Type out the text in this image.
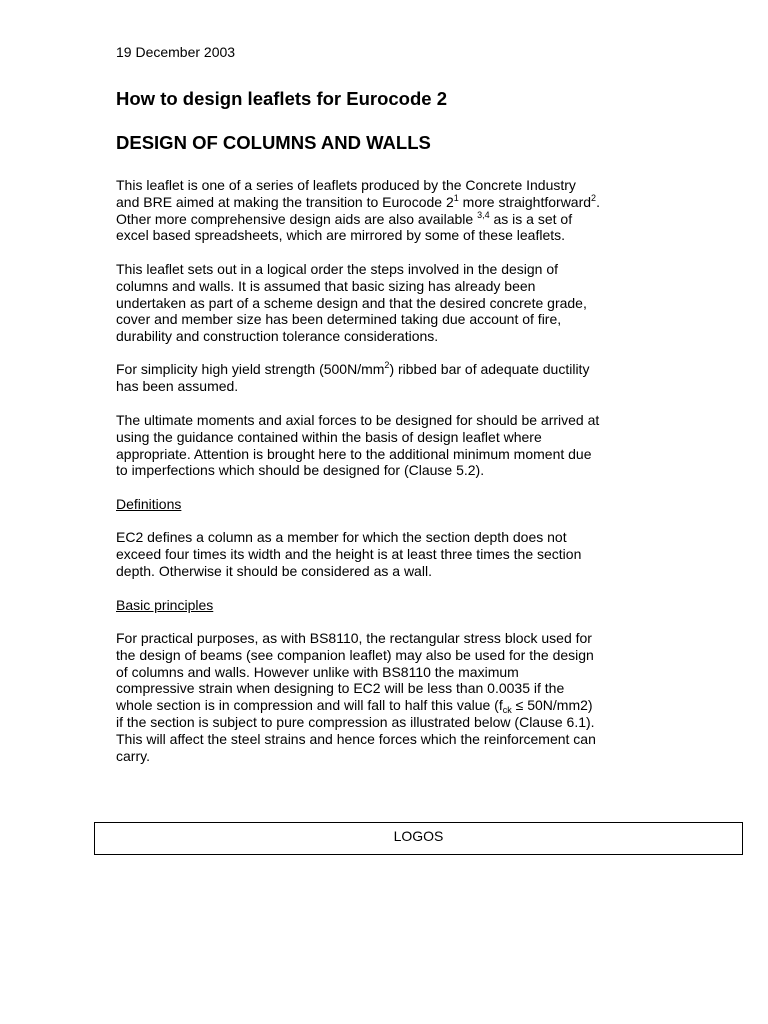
19 December 2003
How to design leaflets for Eurocode 2
DESIGN OF COLUMNS AND WALLS

This leaflet is one of a series of leaflets produced by the Concrete Industry
and BRE aimed at making the transition to Eurocode $2^1$ more straightforward$^2$.
Other more comprehensive design aids are also available $^{3,4}$ as is a set of
excel based spreadsheets, which are mirrored by some of these leaflets.

This leaflet sets out in a logical order the steps involved in the design of
columns and walls. It is assumed that basic sizing has already been
undertaken as part of a scheme design and that the desired concrete grade,
cover and member size has been determined taking due account of fire,
durability and construction tolerance considerations.

For simplicity high yield strength $(500N/mm^2)$ ribbed bar of adequate ductility
has been assumed.

The ultimate moments and axial forces to be designed for should be arrived at
using the guidance contained within the basis of design leaflet where
appropriate. Attention is brought here to the additional minimum moment due
to imperfections which should be designed for (Clause 5.2).

Definitions

EC2 defines a column as a member for which the section depth does not
exceed four times its width and the height is at least three times the section
depth. Otherwise it should be considered as a wall.

Basic principles

For practical purposes, as with BS8110, the rectangular stress block used for
the design of beams (see companion leaflet) may also be used for the design
of columns and walls. However unlike with BS8110 the maximum
compressive strain when designing to EC2 will be less than 0.0035 if the
whole section is in compression and will fall to half this value $(f_{ck} \le 50N/mm2)$
if the section is subject to pure compression as illustrated below (Clause 6.1).
This will affect the steel strains and hence forces which the reinforcement can
carry.

LOGOS
